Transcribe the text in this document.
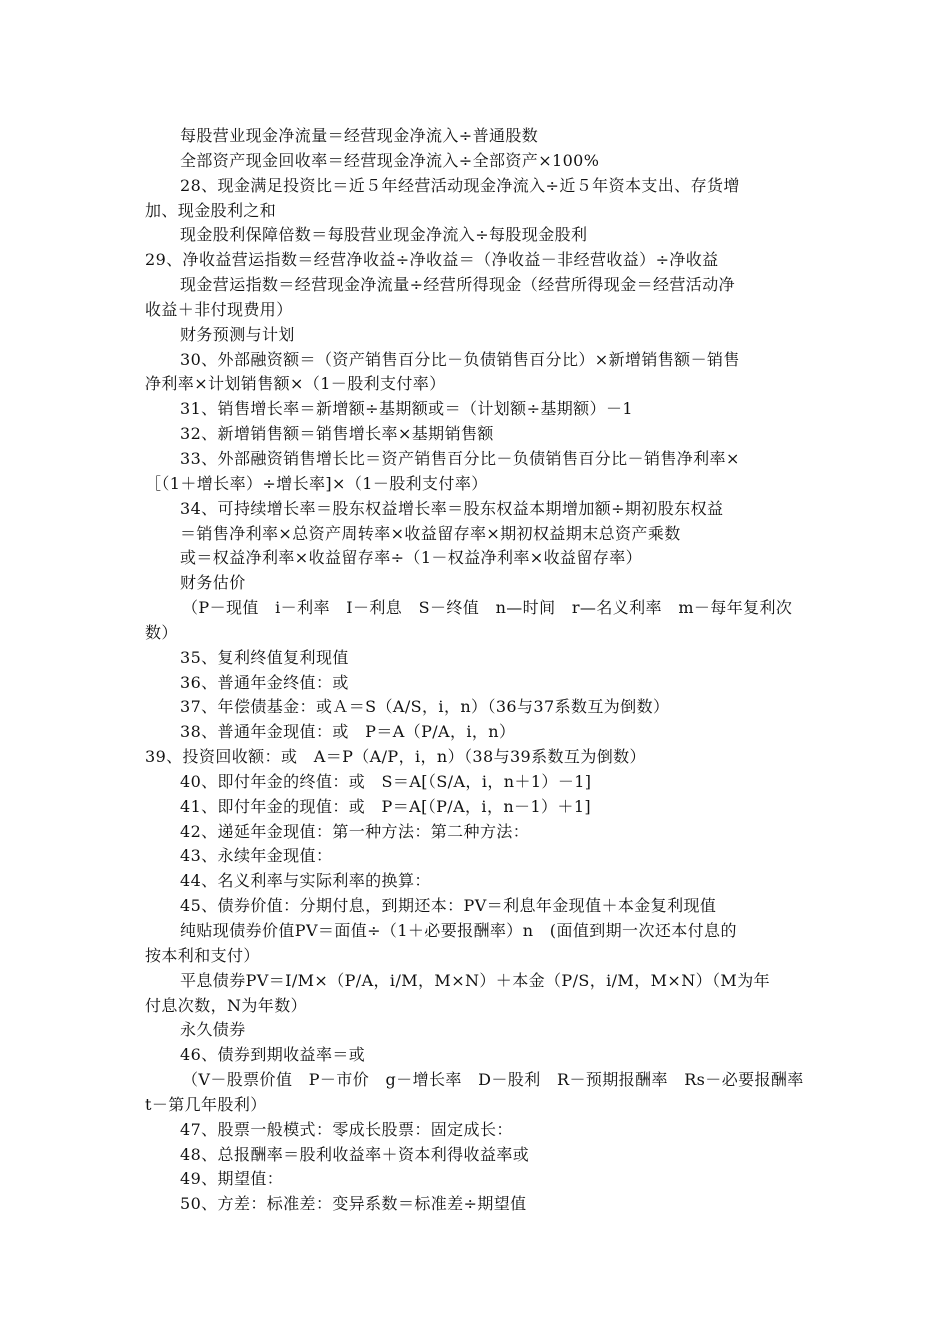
每股营业现金净流量＝经营现金净流入÷普通股数
全部资产现金回收率＝经营现金净流入÷全部资产×100%
28、现金满足投资比＝近５年经营活动现金净流入÷近５年资本支出、存货增
加、现金股利之和
现金股利保障倍数＝每股营业现金净流入÷每股现金股利
29、净收益营运指数＝经营净收益÷净收益＝（净收益－非经营收益）÷净收益
现金营运指数＝经营现金净流量÷经营所得现金（经营所得现金＝经营活动净
收益＋非付现费用）
财务预测与计划
30、外部融资额＝（资产销售百分比－负债销售百分比）×新增销售额－销售
净利率×计划销售额×（1－股利支付率）
31、销售增长率＝新增额÷基期额或＝（计划额÷基期额）－1
32、新增销售额＝销售增长率×基期销售额
33、外部融资销售增长比＝资产销售百分比－负债销售百分比－销售净利率×
［（1＋增长率）÷增长率]×（1－股利支付率）
34、可持续增长率＝股东权益增长率＝股东权益本期增加额÷期初股东权益
＝销售净利率×总资产周转率×收益留存率×期初权益期末总资产乘数
或＝权益净利率×收益留存率÷（1－权益净利率×收益留存率）
财务估价
（P－现值　i－利率　I－利息　S－终值　n—时间　r—名义利率　m－每年复利次
数）
35、复利终值复利现值
36、普通年金终值：或
37、年偿债基金：或Ａ＝S（A/S，i，n）（36与37系数互为倒数）
38、普通年金现值：或　P＝A（P/A，i，n）
39、投资回收额：或　A＝P（A/P，i，n）（38与39系数互为倒数）
40、即付年金的终值：或　S＝A[（S/A，i，n＋1）－1]
41、即付年金的现值：或　P＝A[（P/A，i，n－1）＋1]
42、递延年金现值：第一种方法：第二种方法：
43、永续年金现值：
44、名义利率与实际利率的换算：
45、债券价值：分期付息，到期还本：PV＝利息年金现值＋本金复利现值
纯贴现债券价值PV＝面值÷（1＋必要报酬率）n　(面值到期一次还本付息的
按本利和支付）
平息债券PV＝I/M×（P/A，i/M，M×N）＋本金（P/S，i/M，M×N）（M为年
付息次数，N为年数）
永久债券
46、债券到期收益率＝或
（V－股票价值　P－市价　g－增长率　D－股利　R－预期报酬率　Rs－必要报酬率
t－第几年股利）
47、股票一般模式：零成长股票：固定成长：
48、总报酬率＝股利收益率＋资本利得收益率或
49、期望值：
50、方差：标准差：变异系数＝标准差÷期望值
